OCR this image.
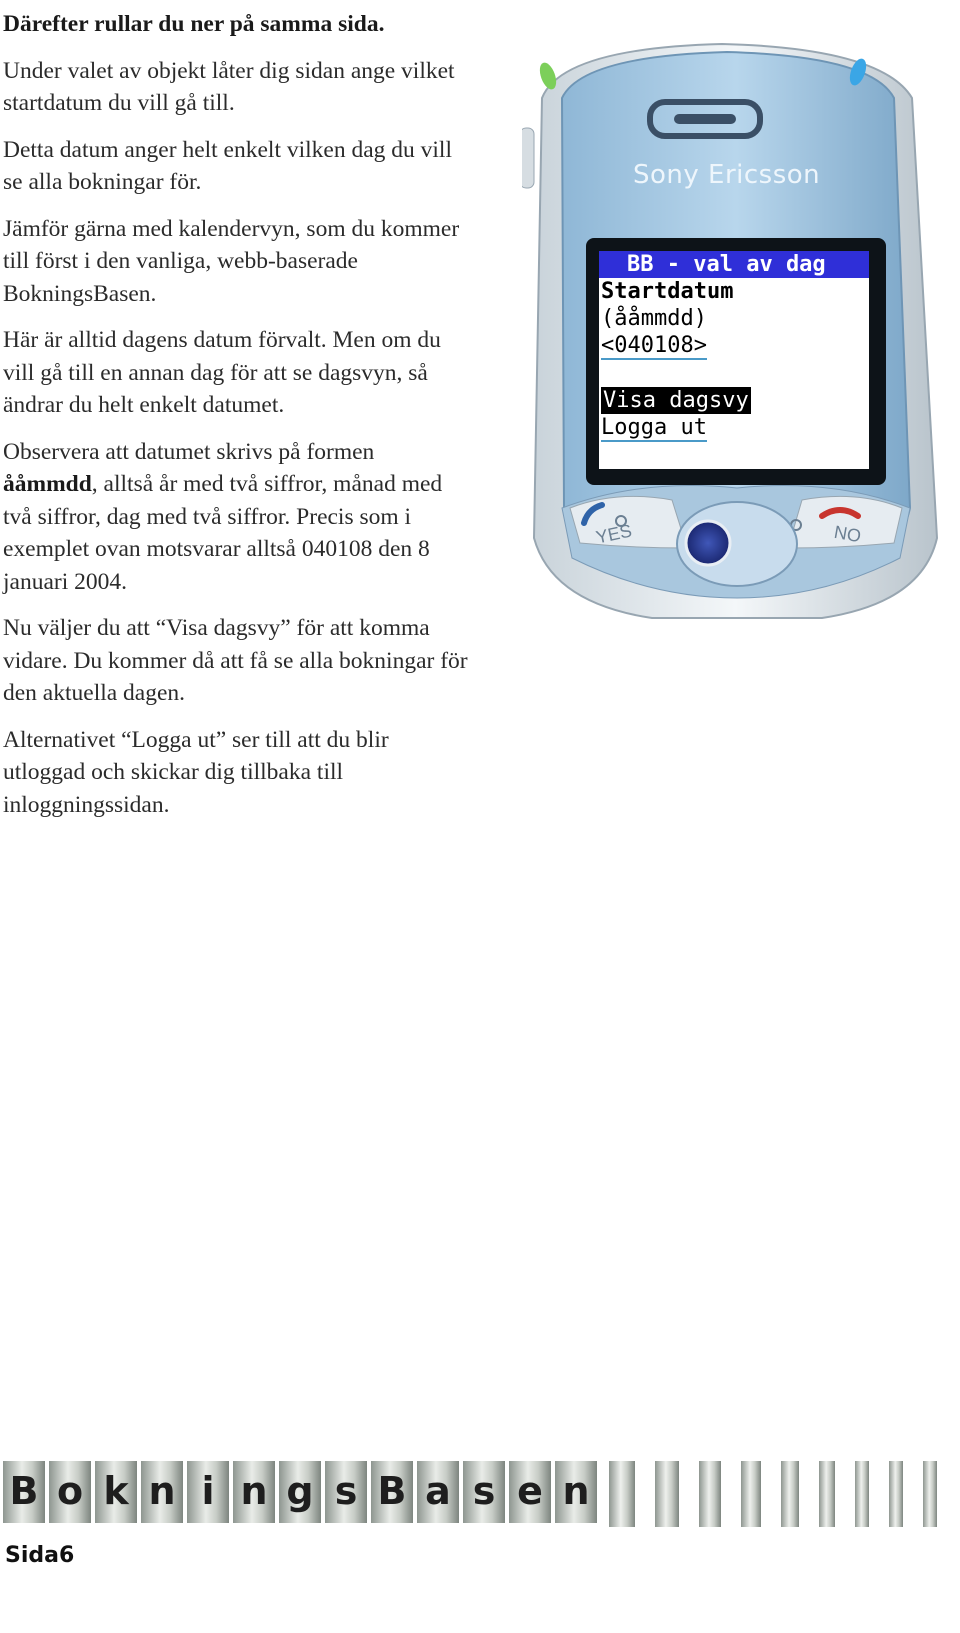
Därefter rullar du ner på samma sida.

Under valet av objekt låter dig sidan ange vilket startdatum du vill gå till.

Detta datum anger helt enkelt vilken dag du vill se alla bokningar för.

Jämför gärna med kalendervyn, som du kommer till först i den vanliga, webb-baserade BokningsBasen.

Här är alltid dagens datum förvalt. Men om du vill gå till en annan dag för att se dagsvyn, så ändrar du helt enkelt datumet.

Observera att datumet skrivs på formen ååmmdd, alltså år med två siffror, månad med två siffror, dag med två siffror. Precis som i exemplet ovan motsvarar alltså 040108 den 8 januari 2004.

Nu väljer du att “Visa dagsvy” för att komma vidare. Du kommer då att få se alla bokningar för den aktuella dagen.

Alternativet “Logga ut” ser till att du blir utloggad och skickar dig tillbaka till inloggningssidan.

Sony Ericsson
YES	NO
BB - val av dag
Startdatum
(ååmmdd)
<040108>
Visa dagsvy
Logga ut
B o k n i n g s B a s e n
Sida6
